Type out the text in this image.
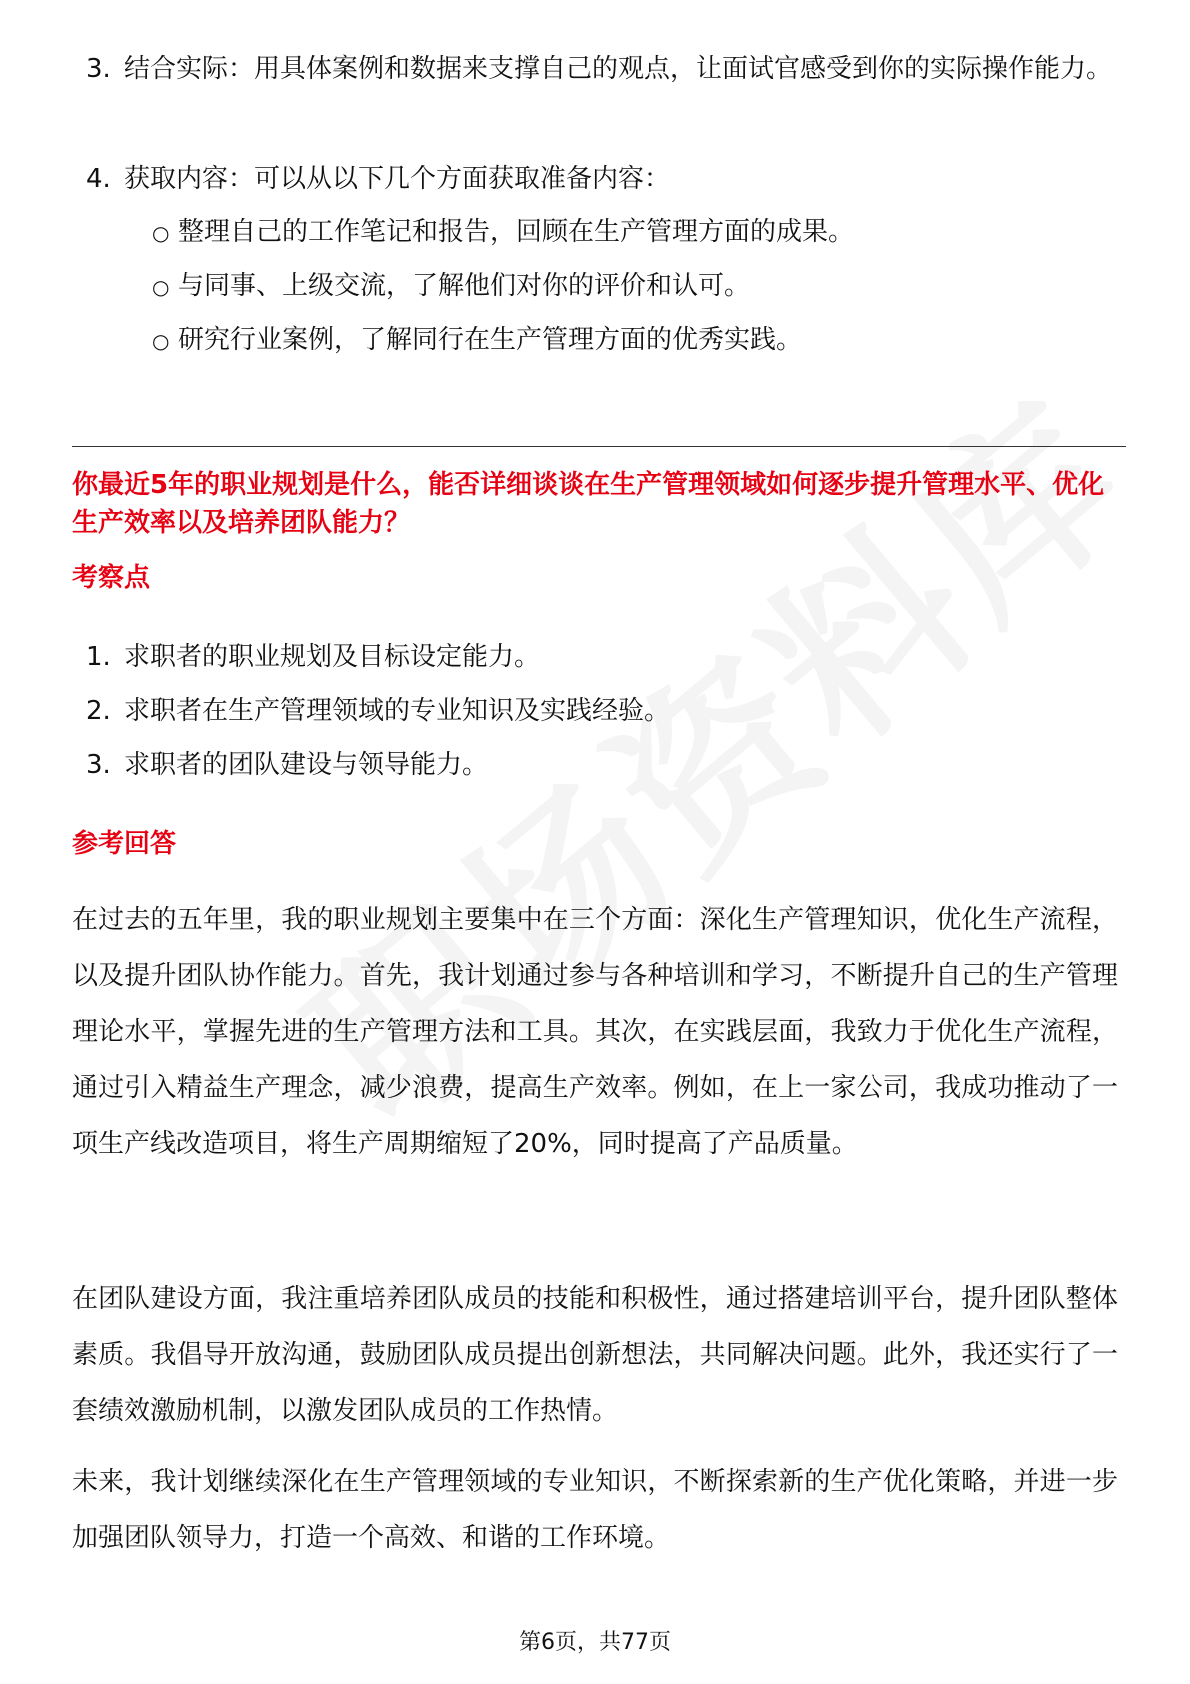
3. 结合实际：用具体案例和数据来支撑自己的观点，让面试官感受到你的实际操作能力。
4. 获取内容：可以从以下几个方面获取准备内容：
○ 整理自己的工作笔记和报告，回顾在生产管理方面的成果。
○ 与同事、上级交流，了解他们对你的评价和认可。
○ 研究行业案例，了解同行在生产管理方面的优秀实践。
你最近5年的职业规划是什么，能否详细谈谈在生产管理领域如何逐步提升管理水平、优化生产效率以及培养团队能力？
考察点
1. 求职者的职业规划及目标设定能力。
2. 求职者在生产管理领域的专业知识及实践经验。
3. 求职者的团队建设与领导能力。
参考回答
在过去的五年里，我的职业规划主要集中在三个方面：深化生产管理知识，优化生产流程，以及提升团队协作能力。首先，我计划通过参与各种培训和学习，不断提升自己的生产管理理论水平，掌握先进的生产管理方法和工具。其次，在实践层面，我致力于优化生产流程，通过引入精益生产理念，减少浪费，提高生产效率。例如，在上一家公司，我成功推动了一项生产线改造项目，将生产周期缩短了20%，同时提高了产品质量。
在团队建设方面，我注重培养团队成员的技能和积极性，通过搭建培训平台，提升团队整体素质。我倡导开放沟通，鼓励团队成员提出创新想法，共同解决问题。此外，我还实行了一套绩效激励机制，以激发团队成员的工作热情。
未来，我计划继续深化在生产管理领域的专业知识，不断探索新的生产优化策略，并进一步加强团队领导力，打造一个高效、和谐的工作环境。
第6页，共77页
